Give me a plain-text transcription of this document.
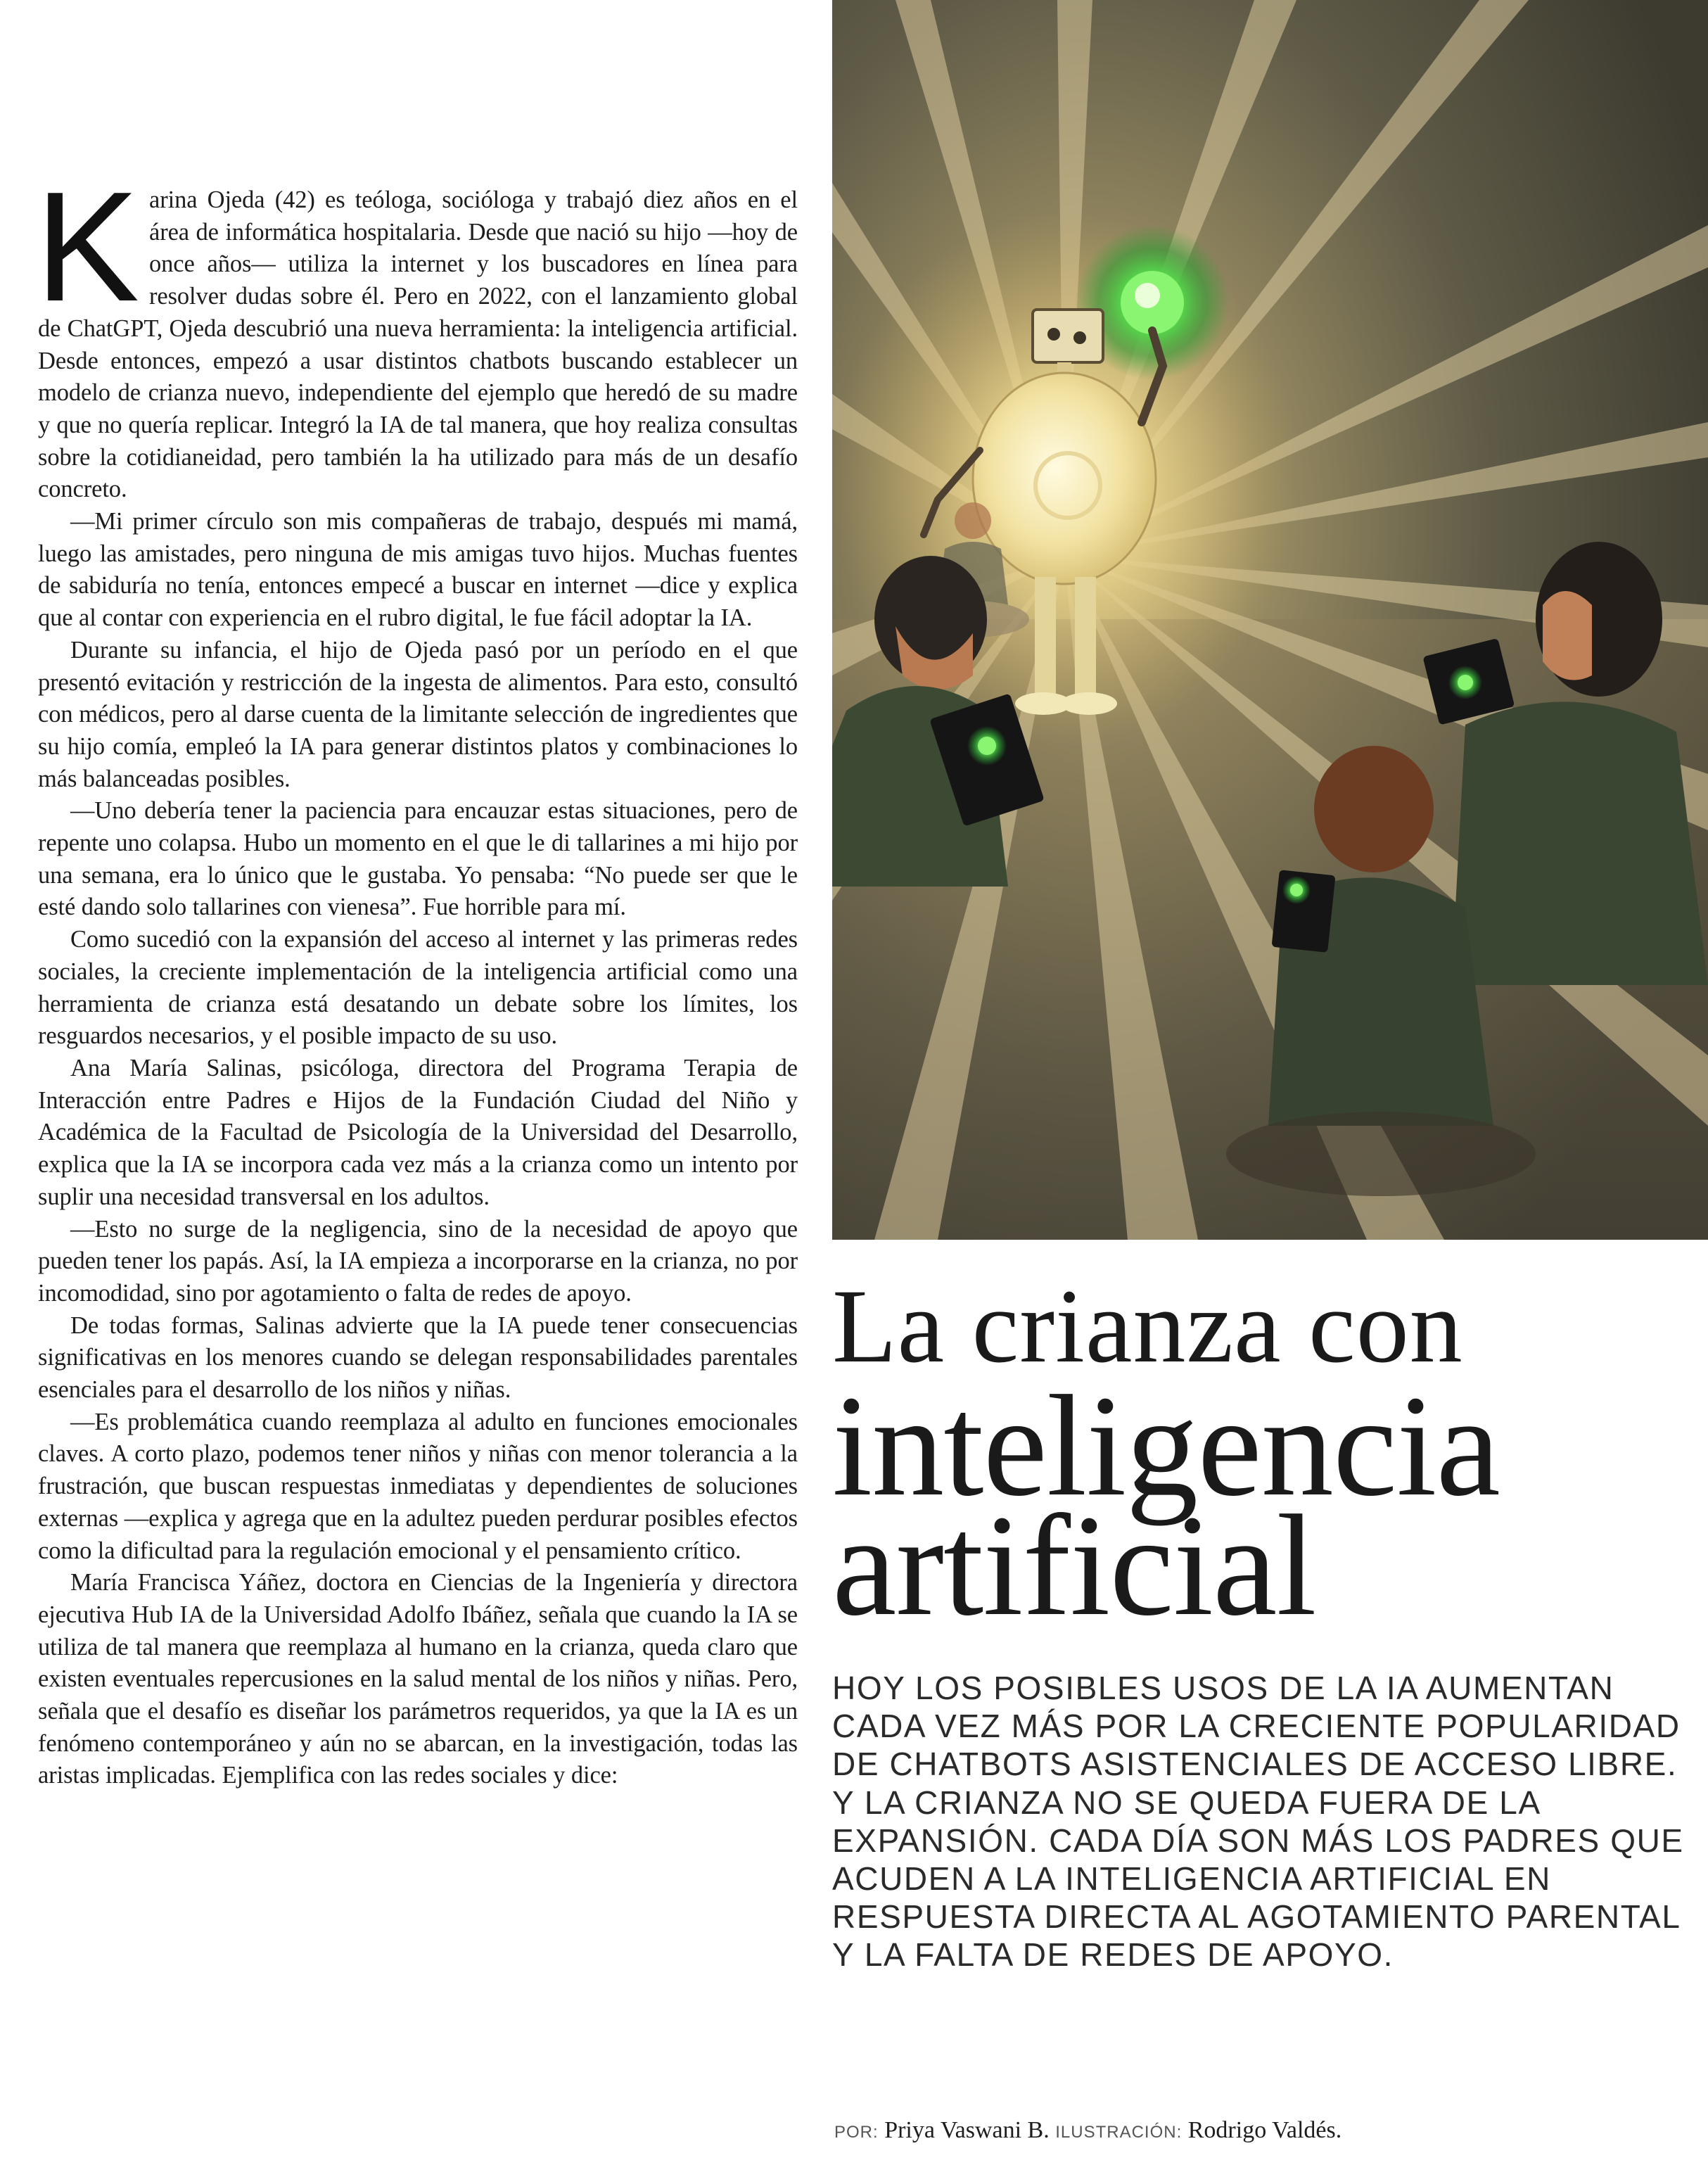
Karina Ojeda (42) es teóloga, socióloga y trabajó diez años en el área de informática hospitalaria. Desde que nació su hijo —hoy de once años— utiliza la internet y los buscadores en línea para resolver dudas sobre él. Pero en 2022, con el lanzamiento global de ChatGPT, Ojeda descubrió una nueva herramienta: la inteligencia artificial. Desde entonces, empezó a usar distintos chatbots buscando establecer un modelo de crianza nuevo, independiente del ejemplo que heredó de su madre y que no quería replicar. Integró la IA de tal manera, que hoy realiza consultas sobre la cotidianeidad, pero también la ha utilizado para más de un desafío concreto.

—Mi primer círculo son mis compañeras de trabajo, después mi mamá, luego las amistades, pero ninguna de mis amigas tuvo hijos. Muchas fuentes de sabiduría no tenía, entonces empecé a buscar en internet —dice y explica que al contar con experiencia en el rubro digital, le fue fácil adoptar la IA.

Durante su infancia, el hijo de Ojeda pasó por un período en el que presentó evitación y restricción de la ingesta de alimentos. Para esto, consultó con médicos, pero al darse cuenta de la limitante selección de ingredientes que su hijo comía, empleó la IA para generar distintos platos y combinaciones lo más balanceadas posibles.

—Uno debería tener la paciencia para encauzar estas situaciones, pero de repente uno colapsa. Hubo un momento en el que le di tallarines a mi hijo por una semana, era lo único que le gustaba. Yo pensaba: “No puede ser que le esté dando solo tallarines con vienesa”. Fue horrible para mí.

Como sucedió con la expansión del acceso al internet y las primeras redes sociales, la creciente implementación de la inteligencia artificial como una herramienta de crianza está desatando un debate sobre los límites, los resguardos necesarios, y el posible impacto de su uso.

Ana María Salinas, psicóloga, directora del Programa Terapia de Interacción entre Padres e Hijos de la Fundación Ciudad del Niño y Académica de la Facultad de Psicología de la Universidad del Desarrollo, explica que la IA se incorpora cada vez más a la crianza como un intento por suplir una necesidad transversal en los adultos.

—Esto no surge de la negligencia, sino de la necesidad de apoyo que pueden tener los papás. Así, la IA empieza a incorporarse en la crianza, no por incomodidad, sino por agotamiento o falta de redes de apoyo.

De todas formas, Salinas advierte que la IA puede tener consecuencias significativas en los menores cuando se delegan responsabilidades parentales esenciales para el desarrollo de los niños y niñas.

—Es problemática cuando reemplaza al adulto en funciones emocionales claves. A corto plazo, podemos tener niños y niñas con menor tolerancia a la frustración, que buscan respuestas inmediatas y dependientes de soluciones externas —explica y agrega que en la adultez pueden perdurar posibles efectos como la dificultad para la regulación emocional y el pensamiento crítico.

María Francisca Yáñez, doctora en Ciencias de la Ingeniería y directora ejecutiva Hub IA de la Universidad Adolfo Ibáñez, señala que cuando la IA se utiliza de tal manera que reemplaza al humano en la crianza, queda claro que existen eventuales repercusiones en la salud mental de los niños y niñas. Pero, señala que el desafío es diseñar los parámetros requeridos, ya que la IA es un fenómeno contemporáneo y aún no se abarcan, en la investigación, todas las aristas implicadas. Ejemplifica con las redes sociales y dice:

La crianza con
inteligencia
artificial

HOY LOS POSIBLES USOS DE LA IA AUMENTAN CADA VEZ MÁS POR LA CRECIENTE POPULARIDAD DE CHATBOTS ASISTENCIALES DE ACCESO LIBRE. Y LA CRIANZA NO SE QUEDA FUERA DE LA EXPANSIÓN. CADA DÍA SON MÁS LOS PADRES QUE ACUDEN A LA INTELIGENCIA ARTIFICIAL EN RESPUESTA DIRECTA AL AGOTAMIENTO PARENTAL Y LA FALTA DE REDES DE APOYO.

POR: Priya Vaswani B. ILUSTRACIÓN: Rodrigo Valdés.
